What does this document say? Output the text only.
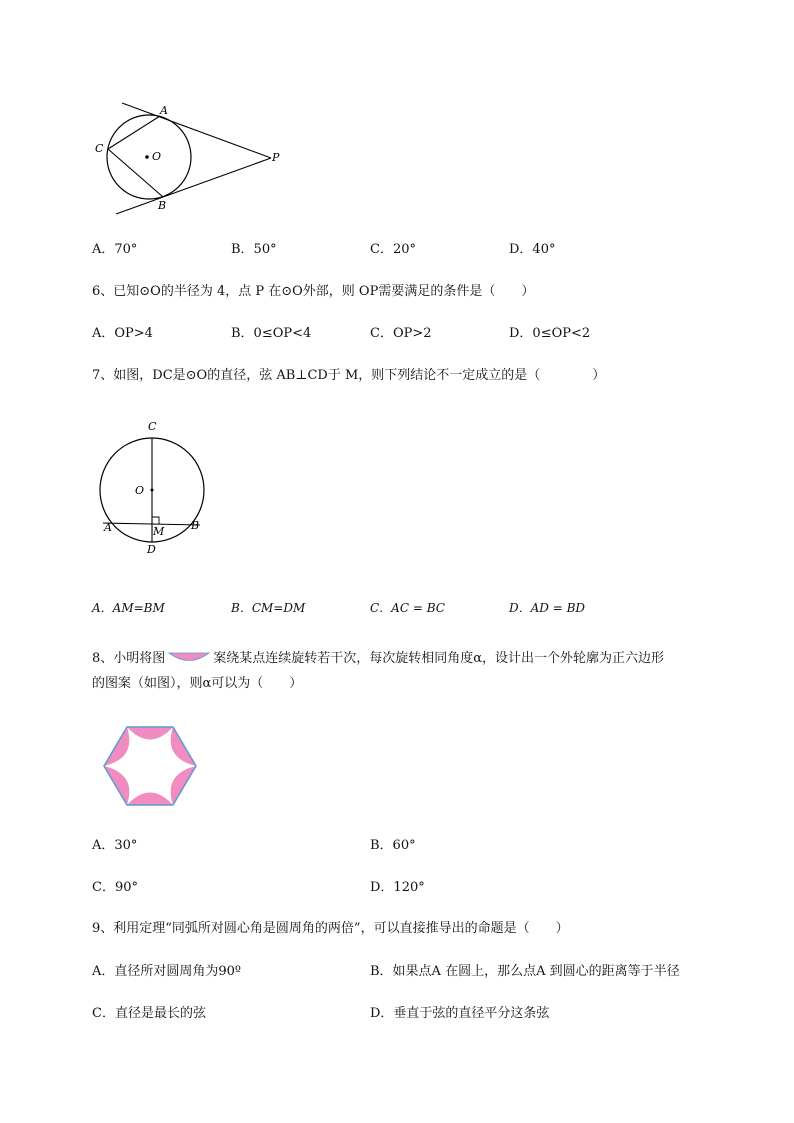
A
C
O	P
B
A．70°	B．50°	C．20°	D．40°
6、已知⊙O的半径为 4，点 P 在⊙O外部，则 OP需要满足的条件是（　　）
A．OP>4	B．0≤OP<4	C．OP>2	D．0≤OP<2
7、如图，DC是⊙O的直径，弦 AB⊥CD于 M，则下列结论不一定成立的是（　　　　）
C
O
A	M B
D
A．AM=BM	B．CM=DM	C．AC = BC	D．AD = BD
8、小明将图	案绕某点连续旋转若干次，每次旋转相同角度α，设计出一个外轮廓为正六边形
的图案（如图），则α可以为（　　）
A．30°	B．60°
C．90°	D．120°
9、利用定理“同弧所对圆心角是圆周角的两倍”，可以直接推导出的命题是（　　）
A．直径所对圆周角为90º	B．如果点A 在圆上，那么点A 到圆心的距离等于半径
C．直径是最长的弦	D．垂直于弦的直径平分这条弦
